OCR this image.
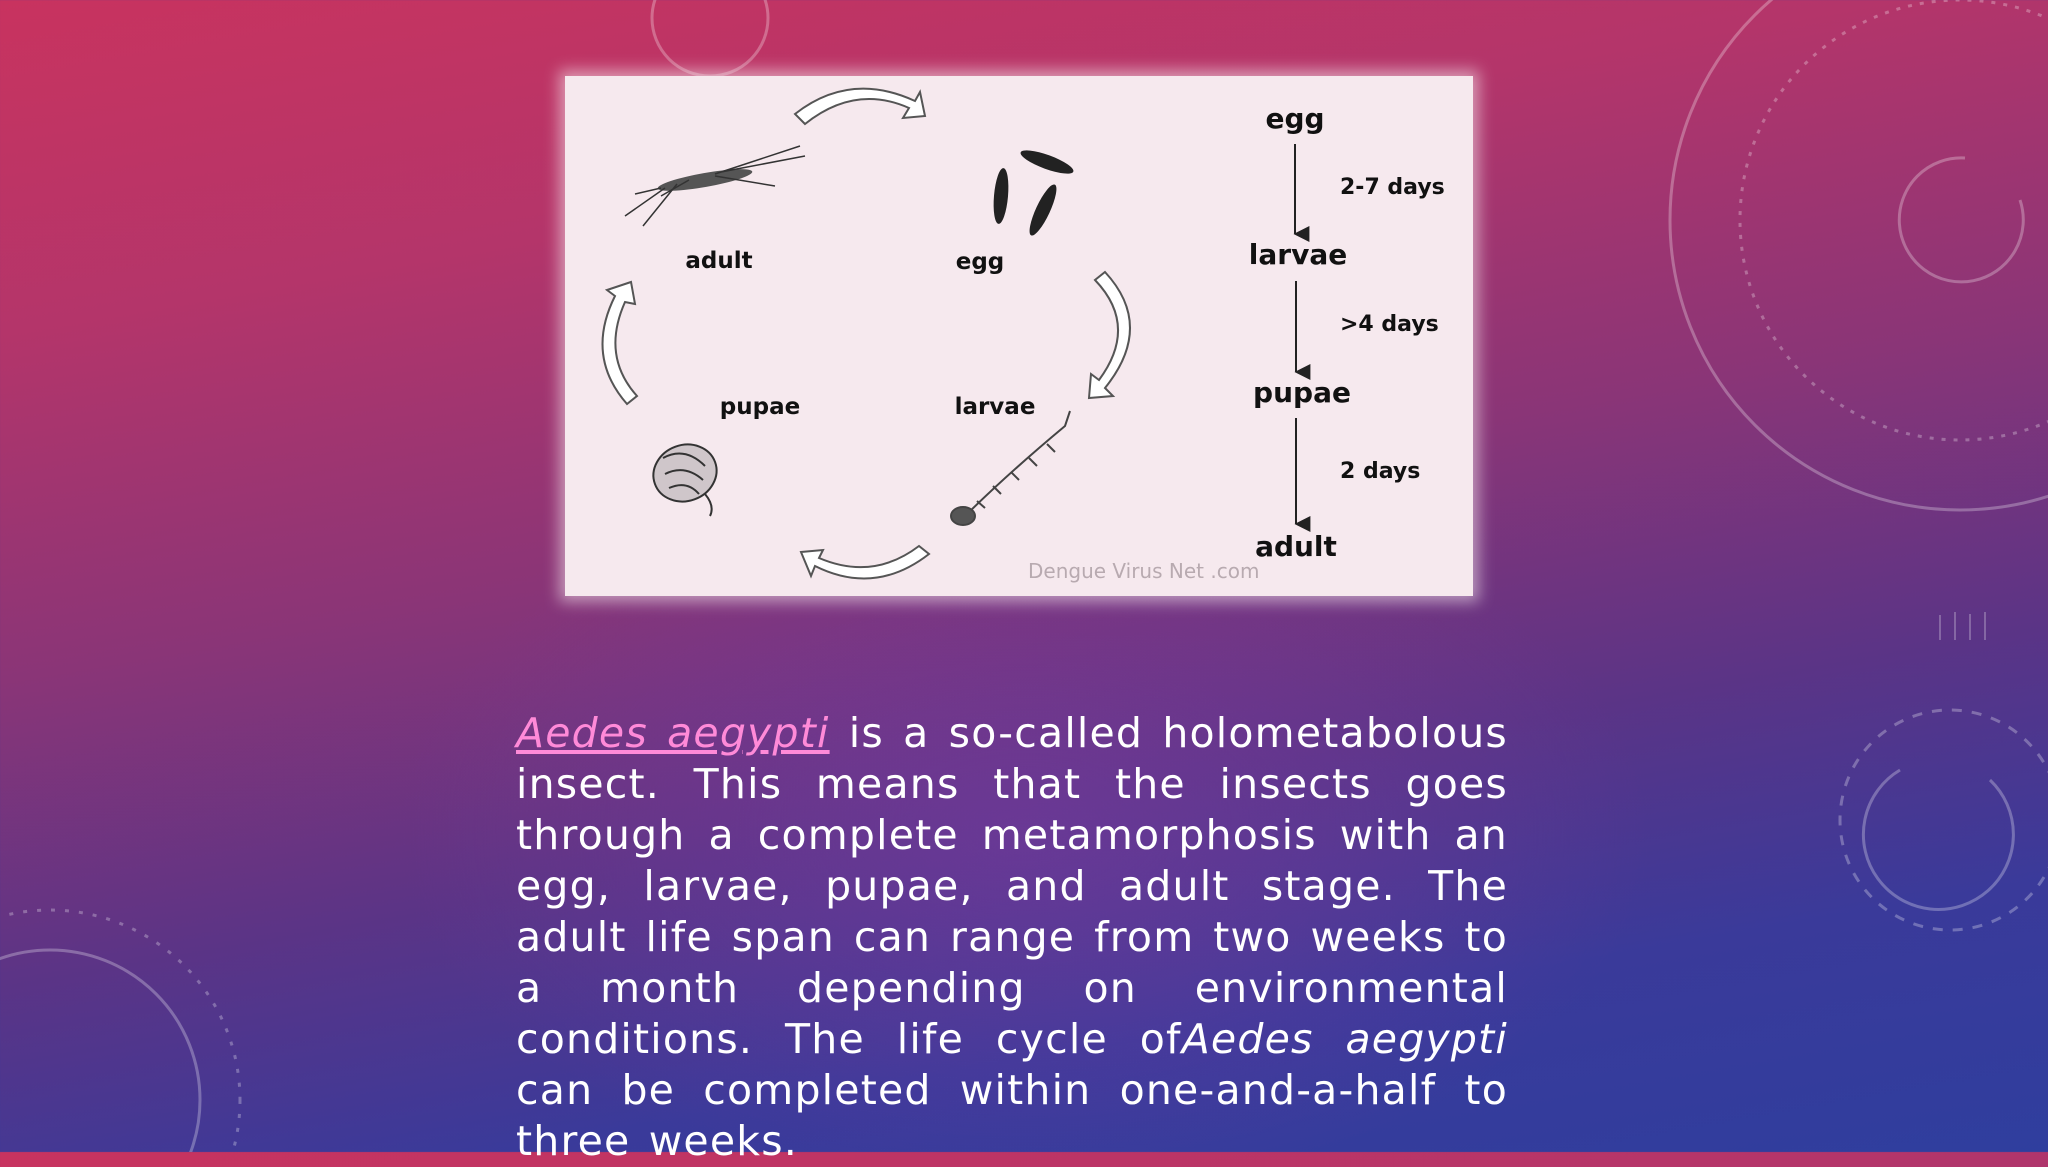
adult	egg
pupae	larvae
egg
larvae
pupae
adult
2-7 days
>4 days
2 days
Dengue Virus Net .com
Aedes aegypti is a so-called holometabolous insect. This means that the insects goes through a complete metamorphosis with an egg, larvae, pupae, and adult stage. The adult life span can range from two weeks to a month depending on environmental conditions. The life cycle ofAedes aegypti can be completed within one-and-a-half to three weeks.
